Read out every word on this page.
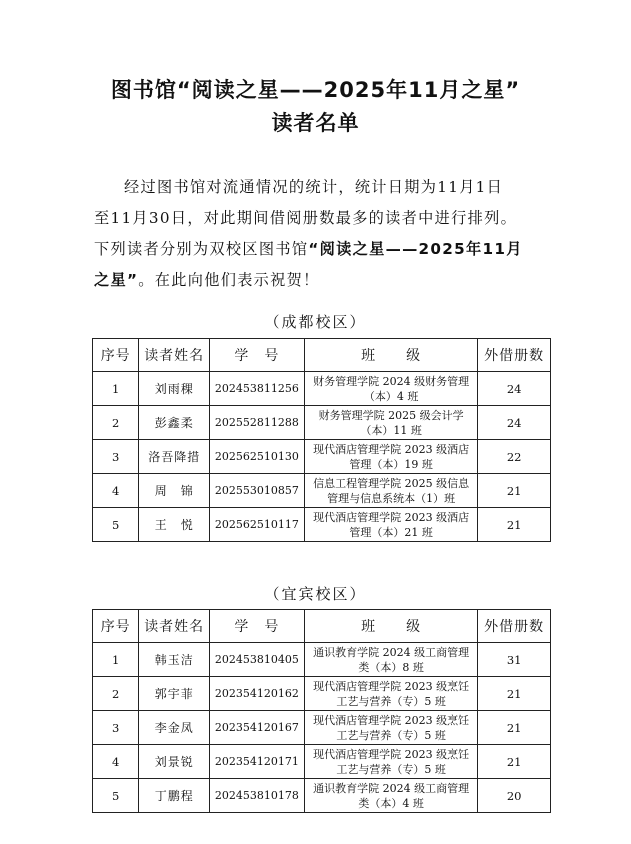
图书馆“阅读之星——2025年11月之星”
读者名单

经过图书馆对流通情况的统计，统计日期为11月1日
至11月30日，对此期间借阅册数最多的读者中进行排列。
下列读者分别为双校区图书馆“阅读之星——2025年11月
之星”。在此向他们表示祝贺！

（成都校区）

序号	读者姓名	学　号	班　　级	外借册数
1	刘雨稞	202453811256	财务管理学院 2024 级财务管理（本）4 班	24
2	彭鑫柔	202552811288	财务管理学院 2025 级会计学（本）11 班	24
3	洛吾降措	202562510130	现代酒店管理学院 2023 级酒店管理（本）19 班	22
4	周　锦	202553010857	信息工程管理学院 2025 级信息管理与信息系统本（1）班	21
5	王　悦	202562510117	现代酒店管理学院 2023 级酒店管理（本）21 班	21

（宜宾校区）

序号	读者姓名	学　号	班　　级	外借册数
1	韩玉洁	202453810405	通识教育学院 2024 级工商管理类（本）8 班	31
2	郭宇菲	202354120162	现代酒店管理学院 2023 级烹饪工艺与营养（专）5 班	21
3	李金凤	202354120167	现代酒店管理学院 2023 级烹饪工艺与营养（专）5 班	21
4	刘景锐	202354120171	现代酒店管理学院 2023 级烹饪工艺与营养（专）5 班	21
5	丁鹏程	202453810178	通识教育学院 2024 级工商管理类（本）4 班	20
